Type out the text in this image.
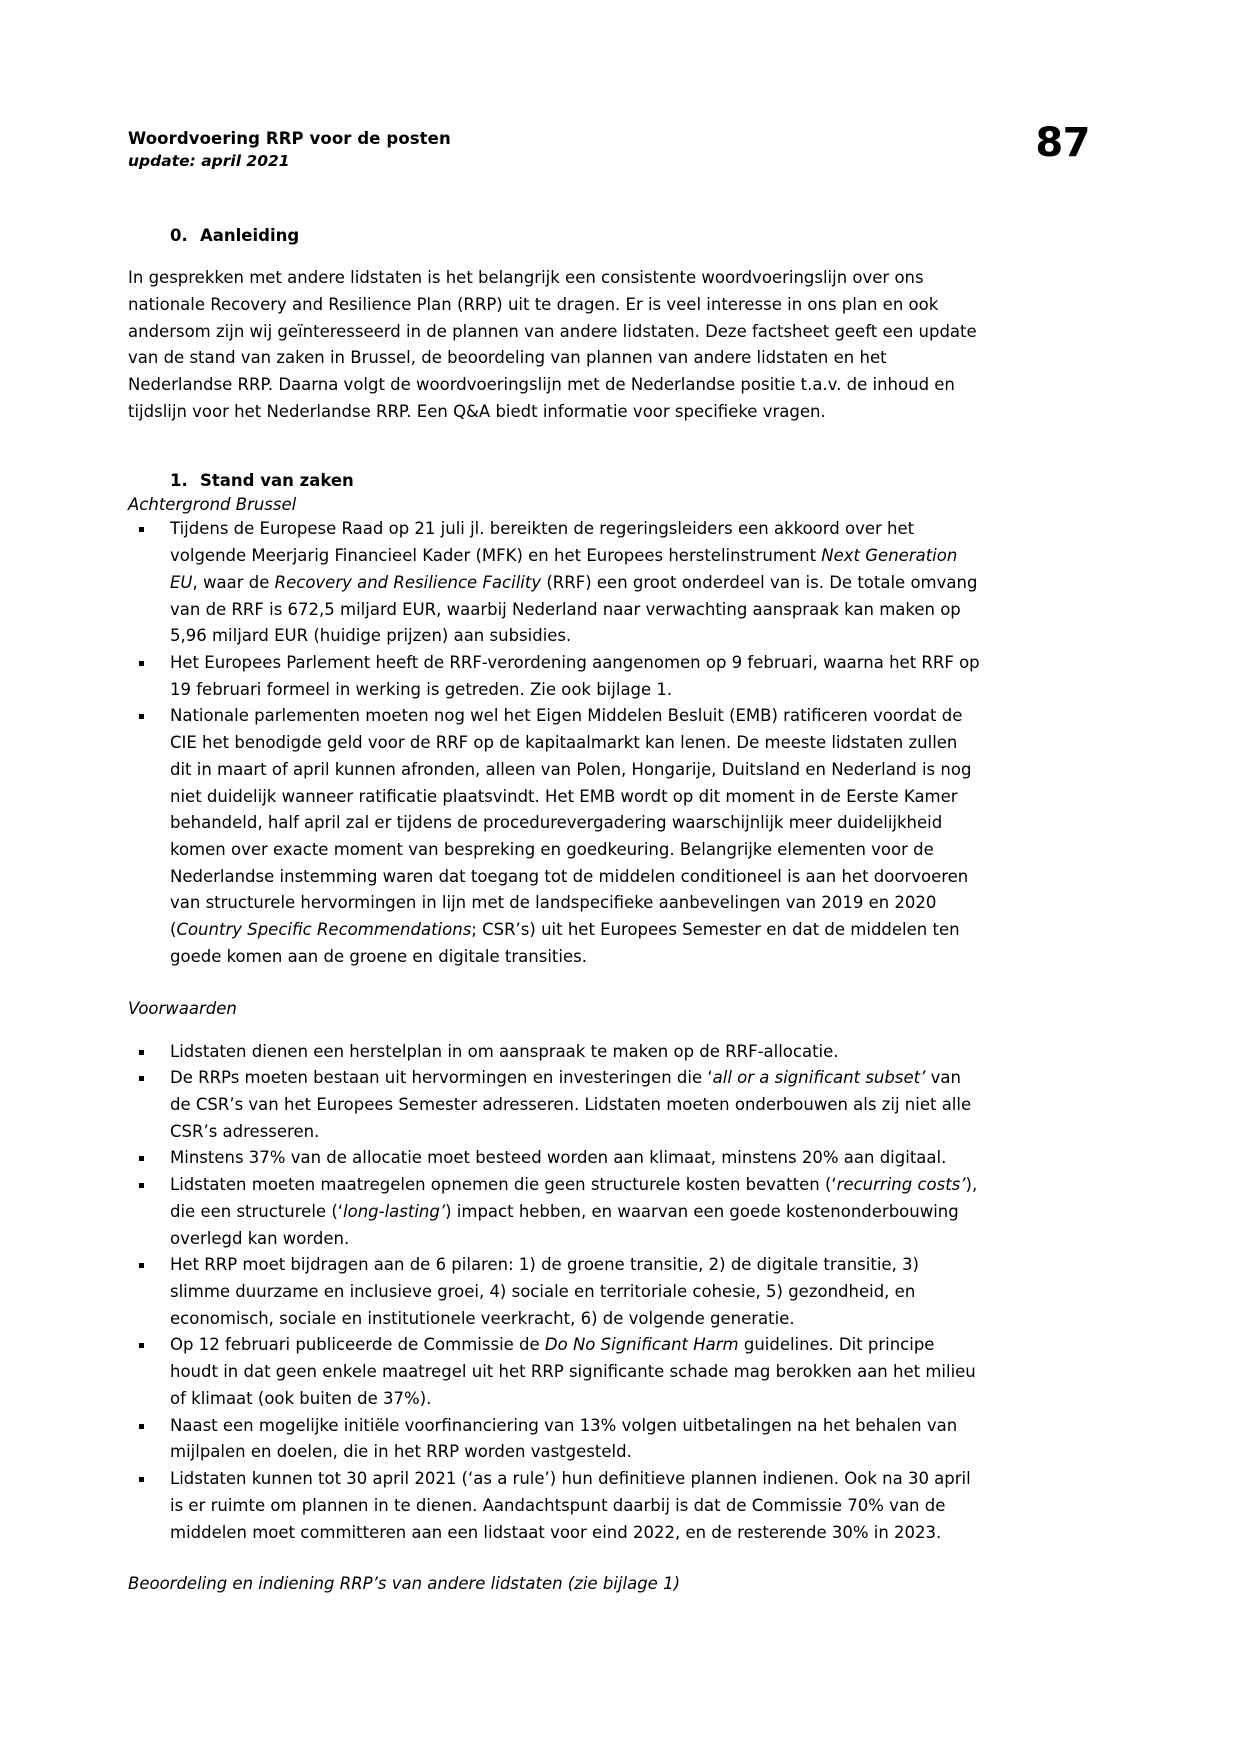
Woordvoering RRP voor de posten
update: april 2021	87
0. Aanleiding

In gesprekken met andere lidstaten is het belangrijk een consistente woordvoeringslijn over ons nationale Recovery and Resilience Plan (RRP) uit te dragen. Er is veel interesse in ons plan en ook andersom zijn wij geïnteresseerd in de plannen van andere lidstaten. Deze factsheet geeft een update van de stand van zaken in Brussel, de beoordeling van plannen van andere lidstaten en het Nederlandse RRP. Daarna volgt de woordvoeringslijn met de Nederlandse positie t.a.v. de inhoud en tijdslijn voor het Nederlandse RRP. Een Q&A biedt informatie voor specifieke vragen.

1. Stand van zaken
Achtergrond Brussel
Tijdens de Europese Raad op 21 juli jl. bereikten de regeringsleiders een akkoord over het volgende Meerjarig Financieel Kader (MFK) en het Europees herstelinstrument Next Generation EU, waar de Recovery and Resilience Facility (RRF) een groot onderdeel van is. De totale omvang van de RRF is 672,5 miljard EUR, waarbij Nederland naar verwachting aanspraak kan maken op 5,96 miljard EUR (huidige prijzen) aan subsidies.
Het Europees Parlement heeft de RRF-verordening aangenomen op 9 februari, waarna het RRF op 19 februari formeel in werking is getreden. Zie ook bijlage 1.
Nationale parlementen moeten nog wel het Eigen Middelen Besluit (EMB) ratificeren voordat de CIE het benodigde geld voor de RRF op de kapitaalmarkt kan lenen. De meeste lidstaten zullen dit in maart of april kunnen afronden, alleen van Polen, Hongarije, Duitsland en Nederland is nog niet duidelijk wanneer ratificatie plaatsvindt. Het EMB wordt op dit moment in de Eerste Kamer behandeld, half april zal er tijdens de procedurevergadering waarschijnlijk meer duidelijkheid komen over exacte moment van bespreking en goedkeuring. Belangrijke elementen voor de Nederlandse instemming waren dat toegang tot de middelen conditioneel is aan het doorvoeren van structurele hervormingen in lijn met de landspecifieke aanbevelingen van 2019 en 2020 (Country Specific Recommendations; CSR’s) uit het Europees Semester en dat de middelen ten goede komen aan de groene en digitale transities.
Voorwaarden
Lidstaten dienen een herstelplan in om aanspraak te maken op de RRF-allocatie.
De RRPs moeten bestaan uit hervormingen en investeringen die ‘all or a significant subset’ van de CSR’s van het Europees Semester adresseren. Lidstaten moeten onderbouwen als zij niet alle CSR’s adresseren.
Minstens 37% van de allocatie moet besteed worden aan klimaat, minstens 20% aan digitaal.
Lidstaten moeten maatregelen opnemen die geen structurele kosten bevatten (‘recurring costs’), die een structurele (‘long-lasting’) impact hebben, en waarvan een goede kostenonderbouwing overlegd kan worden.
Het RRP moet bijdragen aan de 6 pilaren: 1) de groene transitie, 2) de digitale transitie, 3) slimme duurzame en inclusieve groei, 4) sociale en territoriale cohesie, 5) gezondheid, en economisch, sociale en institutionele veerkracht, 6) de volgende generatie.
Op 12 februari publiceerde de Commissie de Do No Significant Harm guidelines. Dit principe houdt in dat geen enkele maatregel uit het RRP significante schade mag berokken aan het milieu of klimaat (ook buiten de 37%).
Naast een mogelijke initiële voorfinanciering van 13% volgen uitbetalingen na het behalen van mijlpalen en doelen, die in het RRP worden vastgesteld.
Lidstaten kunnen tot 30 april 2021 (‘as a rule’) hun definitieve plannen indienen. Ook na 30 april is er ruimte om plannen in te dienen. Aandachtspunt daarbij is dat de Commissie 70% van de middelen moet committeren aan een lidstaat voor eind 2022, en de resterende 30% in 2023.
Beoordeling en indiening RRP’s van andere lidstaten (zie bijlage 1)
